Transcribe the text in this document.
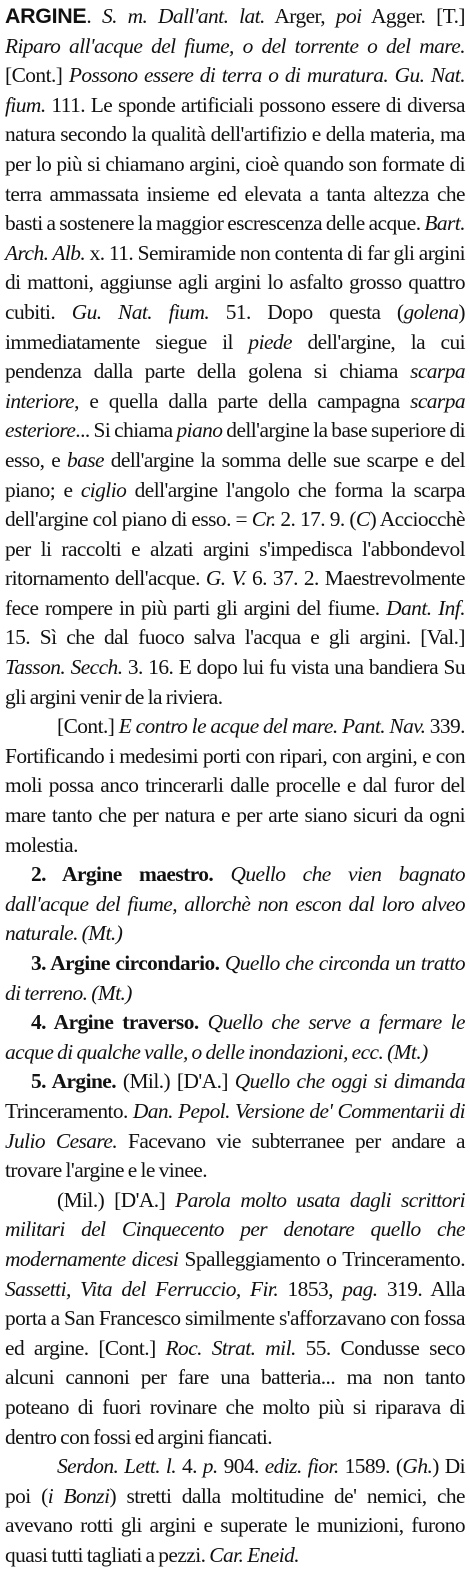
ARGINE. S. m. Dall'ant. lat. Arger, poi Agger. [T.] Riparo all'acque del fiume, o del torrente o del mare. [Cont.] Possono essere di terra o di muratura. Gu. Nat. fium. 111. Le sponde artificiali possono essere di diversa natura secondo la qualità dell'artifizio e della materia, ma per lo più si chiamano argini, cioè quando son formate di terra ammassata insieme ed elevata a tanta altezza che basti a sostenere la maggior escrescenza delle acque. Bart. Arch. Alb. x. 11. Semiramide non contenta di far gli argini di mattoni, aggiunse agli argini lo asfalto grosso quattro cubiti. Gu. Nat. fium. 51. Dopo questa (golena) immediatamente siegue il piede dell'argine, la cui pendenza dalla parte della golena si chiama scarpa interiore, e quella dalla parte della campagna scarpa esteriore... Si chiama piano dell'argine la base superiore di esso, e base dell'argine la somma delle sue scarpe e del piano; e ciglio dell'argine l'angolo che forma la scarpa dell'argine col piano di esso. = Cr. 2. 17. 9. (C) Acciocchè per li raccolti e alzati argini s'impedisca l'abbondevol ritornamento dell'acque. G. V. 6. 37. 2. Maestrevolmente fece rompere in più parti gli argini del fiume. Dant. Inf. 15. Sì che dal fuoco salva l'acqua e gli argini. [Val.] Tasson. Secch. 3. 16. E dopo lui fu vista una bandiera Su gli argini venir de la riviera.

[Cont.] E contro le acque del mare. Pant. Nav. 339. Fortificando i medesimi porti con ripari, con argini, e con moli possa anco trincerarli dalle procelle e dal furor del mare tanto che per natura e per arte siano sicuri da ogni molestia.

2. Argine maestro. Quello che vien bagnato dall'acque del fiume, allorchè non escon dal loro alveo naturale. (Mt.)

3. Argine circondario. Quello che circonda un tratto di terreno. (Mt.)

4. Argine traverso. Quello che serve a fermare le acque di qualche valle, o delle inondazioni, ecc. (Mt.)

5. Argine. (Mil.) [D'A.] Quello che oggi si dimanda Trinceramento. Dan. Pepol. Versione de' Commentarii di Julio Cesare. Facevano vie subterranee per andare a trovare l'argine e le vinee.

(Mil.) [D'A.] Parola molto usata dagli scrittori militari del Cinquecento per denotare quello che modernamente dicesi Spalleggiamento o Trinceramento. Sassetti, Vita del Ferruccio, Fir. 1853, pag. 319. Alla porta a San Francesco similmente s'afforzavano con fossa ed argine. [Cont.] Roc. Strat. mil. 55. Condusse seco alcuni cannoni per fare una batteria... ma non tanto poteano di fuori rovinare che molto più si riparava di dentro con fossi ed argini fiancati.

Serdon. Lett. l. 4. p. 904. ediz. fior. 1589. (Gh.) Di poi (i Bonzi) stretti dalla moltitudine de' nemici, che avevano rotti gli argini e superate le munizioni, furono quasi tutti tagliati a pezzi. Car. Eneid.
